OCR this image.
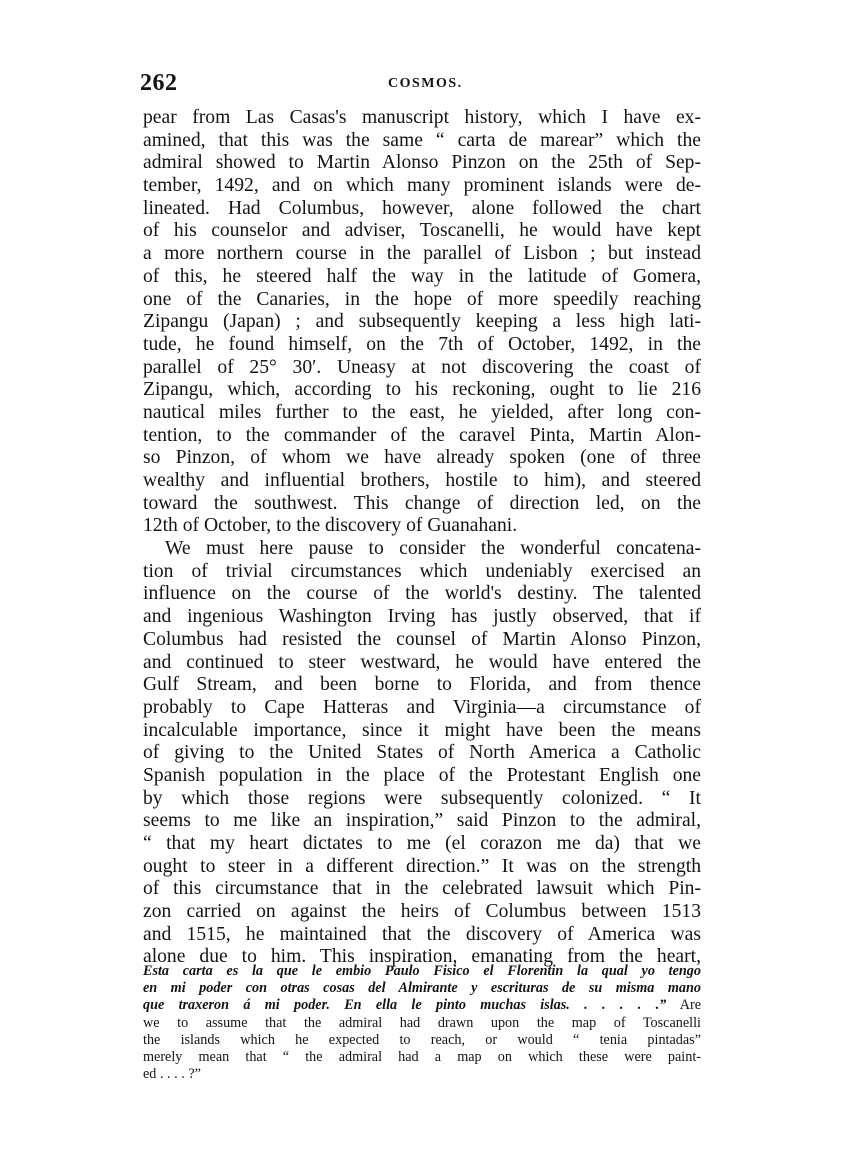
262	COSMOS.
pear from Las Casas's manuscript history, which I have ex-
amined, that this was the same “ carta de marear” which the
admiral showed to Martin Alonso Pinzon on the 25th of Sep-
tember, 1492, and on which many prominent islands were de-
lineated. Had Columbus, however, alone followed the chart
of his counselor and adviser, Toscanelli, he would have kept
a more northern course in the parallel of Lisbon ; but instead
of this, he steered half the way in the latitude of Gomera,
one of the Canaries, in the hope of more speedily reaching
Zipangu (Japan) ; and subsequently keeping a less high lati-
tude, he found himself, on the 7th of October, 1492, in the
parallel of 25° 30′. Uneasy at not discovering the coast of
Zipangu, which, according to his reckoning, ought to lie 216
nautical miles further to the east, he yielded, after long con-
tention, to the commander of the caravel Pinta, Martin Alon-
so Pinzon, of whom we have already spoken (one of three
wealthy and influential brothers, hostile to him), and steered
toward the southwest. This change of direction led, on the
12th of October, to the discovery of Guanahani.
We must here pause to consider the wonderful concatena-
tion of trivial circumstances which undeniably exercised an
influence on the course of the world's destiny. The talented
and ingenious Washington Irving has justly observed, that if
Columbus had resisted the counsel of Martin Alonso Pinzon,
and continued to steer westward, he would have entered the
Gulf Stream, and been borne to Florida, and from thence
probably to Cape Hatteras and Virginia—a circumstance of
incalculable importance, since it might have been the means
of giving to the United States of North America a Catholic
Spanish population in the place of the Protestant English one
by which those regions were subsequently colonized. “ It
seems to me like an inspiration,” said Pinzon to the admiral,
“ that my heart dictates to me (el corazon me da) that we
ought to steer in a different direction.” It was on the strength
of this circumstance that in the celebrated lawsuit which Pin-
zon carried on against the heirs of Columbus between 1513
and 1515, he maintained that the discovery of America was
alone due to him. This inspiration, emanating from the heart,
Esta carta es la que le embio Paulo Fisico el Florentin la qual yo tengo
en mi poder con otras cosas del Almirante y escrituras de su misma mano
que traxeron á mi poder. En ella le pinto muchas islas. . . . . .” Are
we to assume that the admiral had drawn upon the map of Toscanelli
the islands which he expected to reach, or would “ tenia pintadas”
merely mean that “ the admiral had a map on which these were paint-
ed . . . . ?”
